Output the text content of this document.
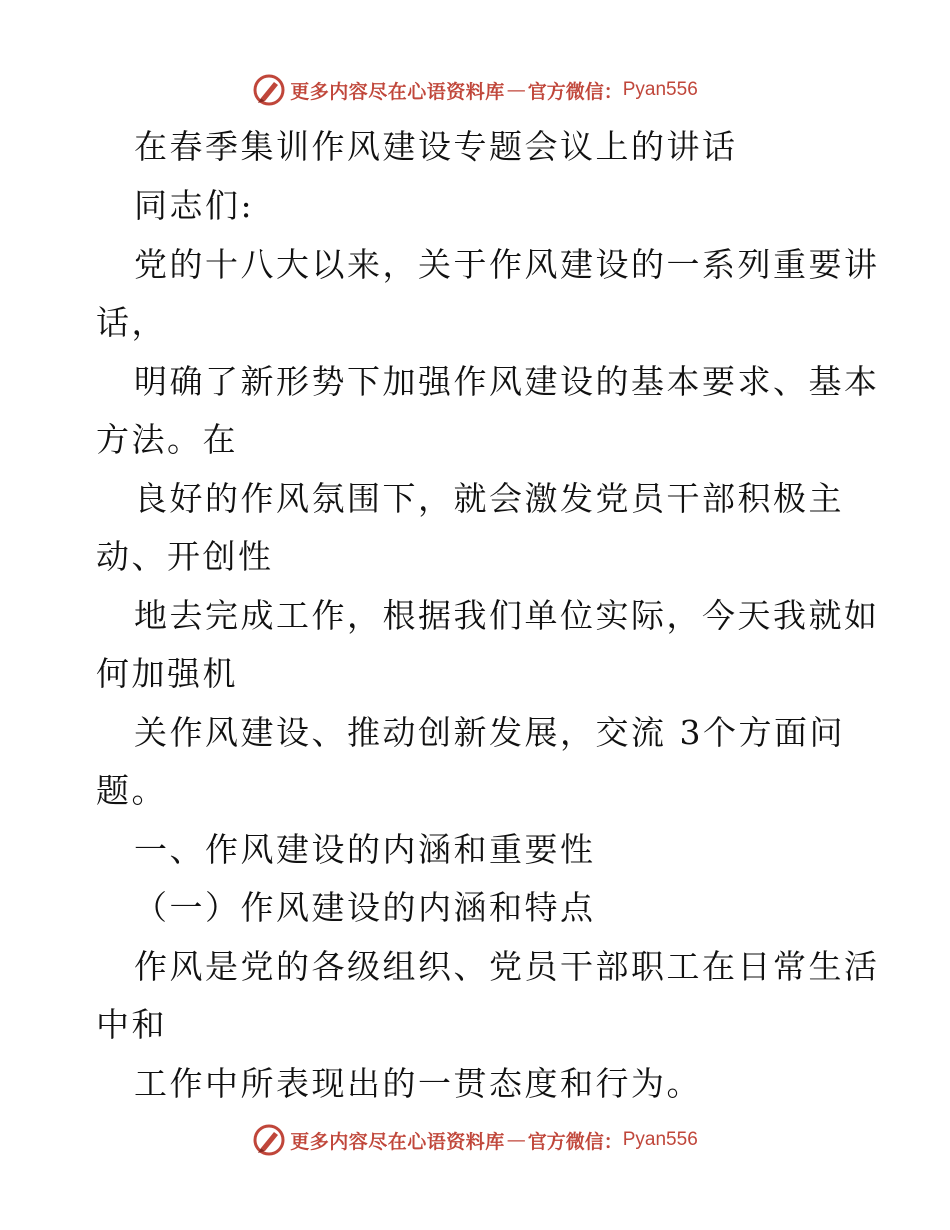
更多内容尽在心语资料库 — 官方微信： Pyan556
在春季集训作风建设专题会议上的讲话
同志们:
党的十八大以来，关于作风建设的一系列重要讲
话，
明确了新形势下加强作风建设的基本要求、基本
方法。在
良好的作风氛围下，就会激发党员干部积极主
动、开创性
地去完成工作，根据我们单位实际，今天我就如
何加强机
关作风建设、推动创新发展，交流 3个方面问
题。
一、作风建设的内涵和重要性
（一）作风建设的内涵和特点
作风是党的各级组织、党员干部职工在日常生活
中和
工作中所表现出的一贯态度和行为。
更多内容尽在心语资料库 — 官方微信： Pyan556
